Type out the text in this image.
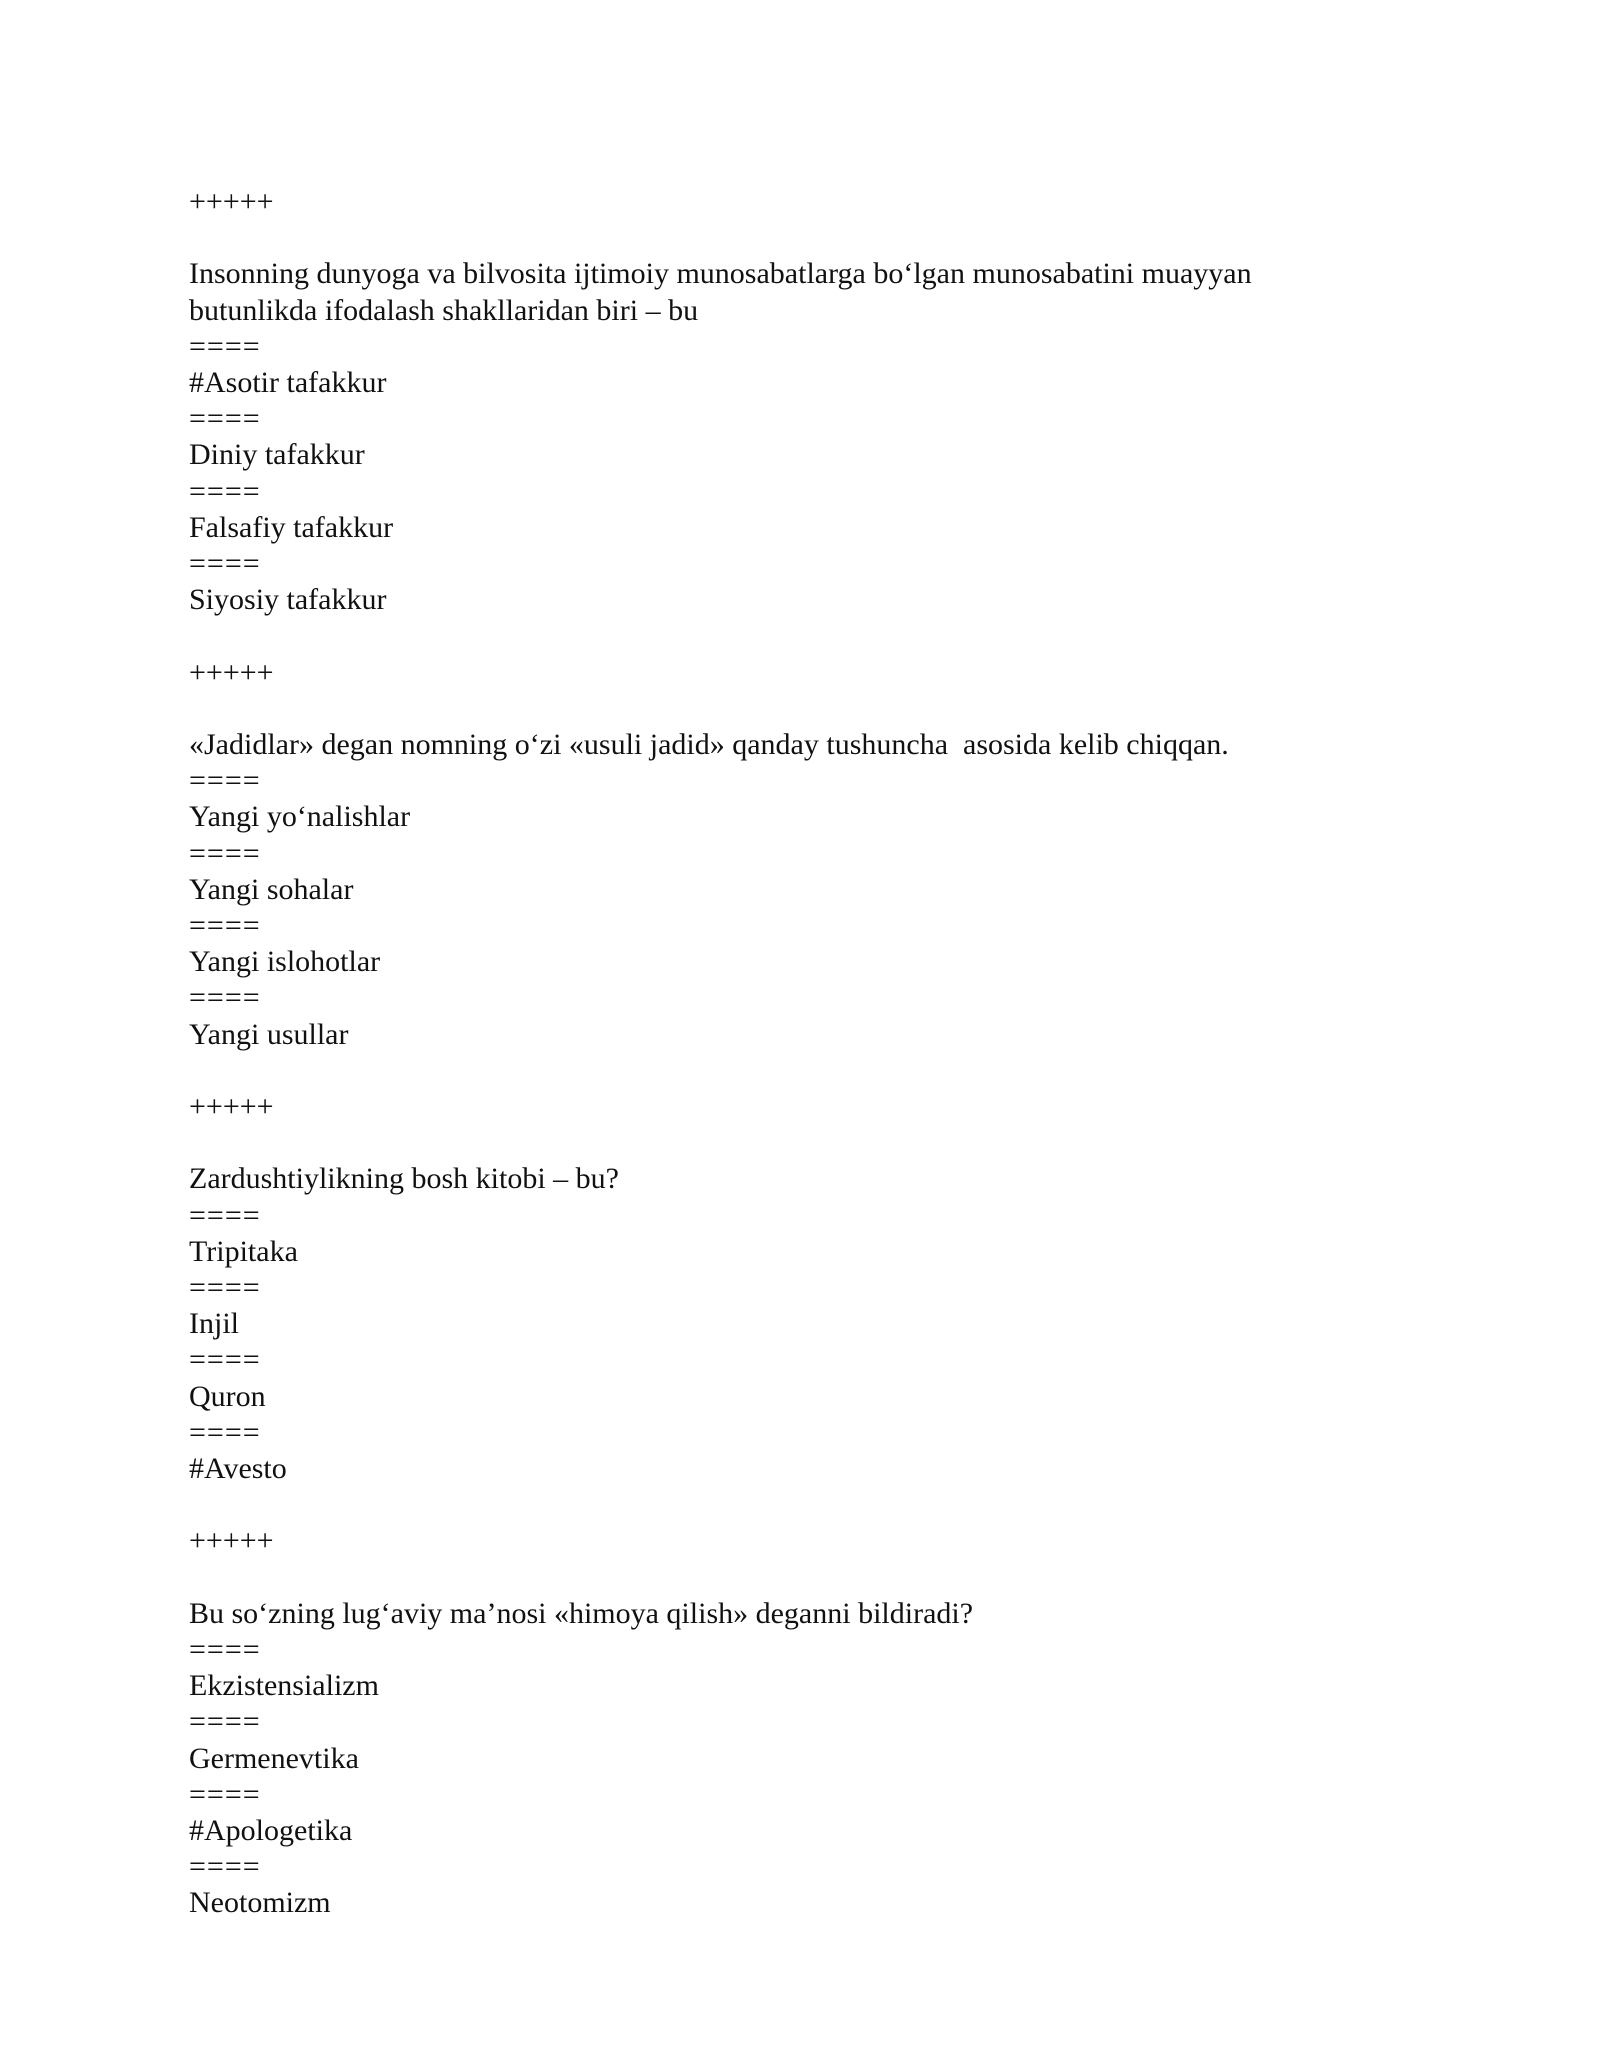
+++++
Insonning dunyoga va bilvosita ijtimoiy munosabatlarga bo‘lgan munosabatini muayyan butunlikda ifodalash shakllaridan biri – bu
====
#Asotir tafakkur
====
Diniy tafakkur
====
Falsafiy tafakkur
====
Siyosiy tafakkur
+++++
«Jadidlar» degan nomning o‘zi «usuli jadid» qanday tushuncha  asosida kelib chiqqan.
====
Yangi yo‘nalishlar
====
Yangi sohalar
====
Yangi islohotlar
====
Yangi usullar
+++++
Zardushtiylikning bosh kitobi – bu?
====
Tripitaka
====
Injil
====
Quron
====
#Avesto
+++++
Bu so‘zning lug‘aviy ma’nosi «himoya qilish» deganni bildiradi?
====
Ekzistensializm
====
Germenevtika
====
#Apologetika
====
Neotomizm
